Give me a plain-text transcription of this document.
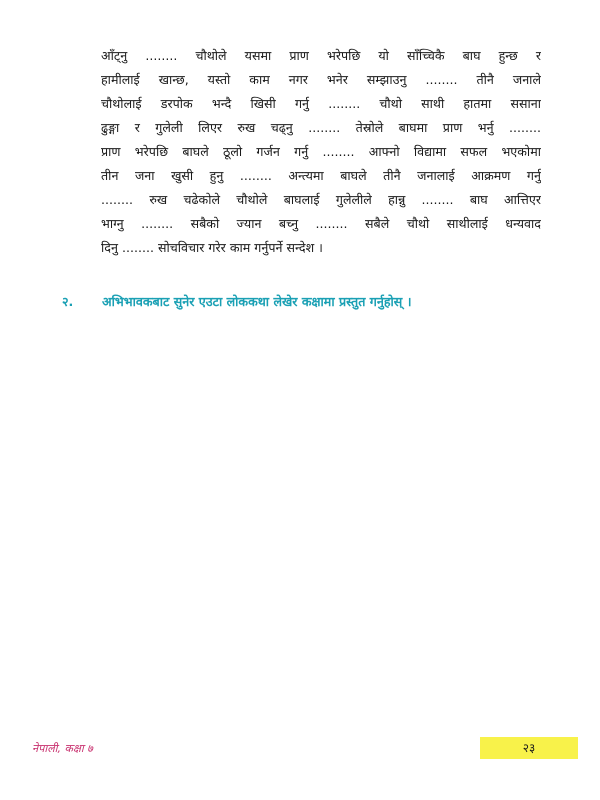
आँट्नु ........ चौथोले यसमा प्राण भरेपछि यो साँच्चिकै बाघ हुन्छ र
हामीलाई खान्छ, यस्तो काम नगर भनेर सम्झाउनु ........ तीनै जनाले
चौथोलाई डरपोक भन्दै खिसी गर्नु ........ चौथो साथी हातमा ससाना
ढुङ्गा र गुलेली लिएर रुख चढ्नु ........ तेस्रोले बाघमा प्राण भर्नु ........
प्राण भरेपछि बाघले ठूलो गर्जन गर्नु ........ आफ्नो विद्यामा सफल भएकोमा
तीन जना खुसी हुनु ........ अन्त्यमा बाघले तीनै जनालाई आक्रमण गर्नु
........ रुख चढेकोले चौथोले बाघलाई गुलेलीले हान्नु ........ बाघ आत्तिएर
भाग्नु ........ सबैको ज्यान बच्नु ........ सबैले चौथो साथीलाई धन्यवाद
दिनु ........ सोचविचार गरेर काम गर्नुपर्ने सन्देश ।
२. अभिभावकबाट सुनेर एउटा लोककथा लेखेर कक्षामा प्रस्तुत गर्नुहोस् ।
नेपाली, कक्षा ७	२३
